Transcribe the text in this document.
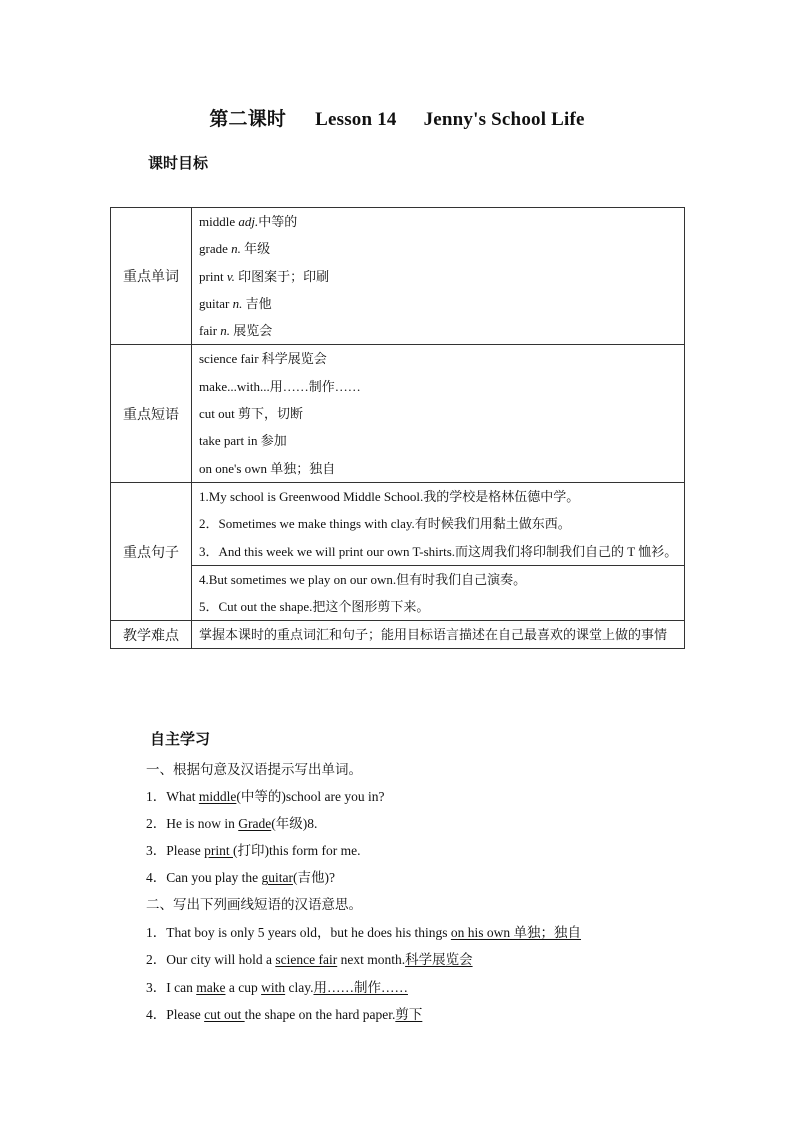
第二课时 Lesson 14 Jenny's School Life
课时目标
重点单词	middle adj.中等的
grade n. 年级
print v. 印图案于；印刷
guitar n. 吉他
fair n. 展览会

重点短语	science fair 科学展览会
make...with...用……制作……
cut out 剪下，切断
take part in 参加
on one's own 单独；独自

重点句子	1.My school is Greenwood Middle School.我的学校是格林伍德中学。
2．Sometimes we make things with clay.有时候我们用黏土做东西。
3．And this week we will print our own T-shirts.而这周我们将印制我们自己的 T 恤衫。

	4.But sometimes we play on our own.但有时我们自己演奏。
5．Cut out the shape.把这个图形剪下来。

教学难点	掌握本课时的重点词汇和句子；能用目标语言描述在自己最喜欢的课堂上做的事情
自主学习
一、根据句意及汉语提示写出单词。
1．What middle(中等的)school are you in?
2．He is now in Grade(年级)8.
3．Please print (打印)this form for me.
4．Can you play the guitar(吉他)?
二、写出下列画线短语的汉语意思。
1．That boy is only 5 years old，but he does his things on his own 单独；独自
2．Our city will hold a science fair next month.科学展览会
3．I can make a cup with clay.用……制作……
4．Please cut out the shape on the hard paper.剪下
